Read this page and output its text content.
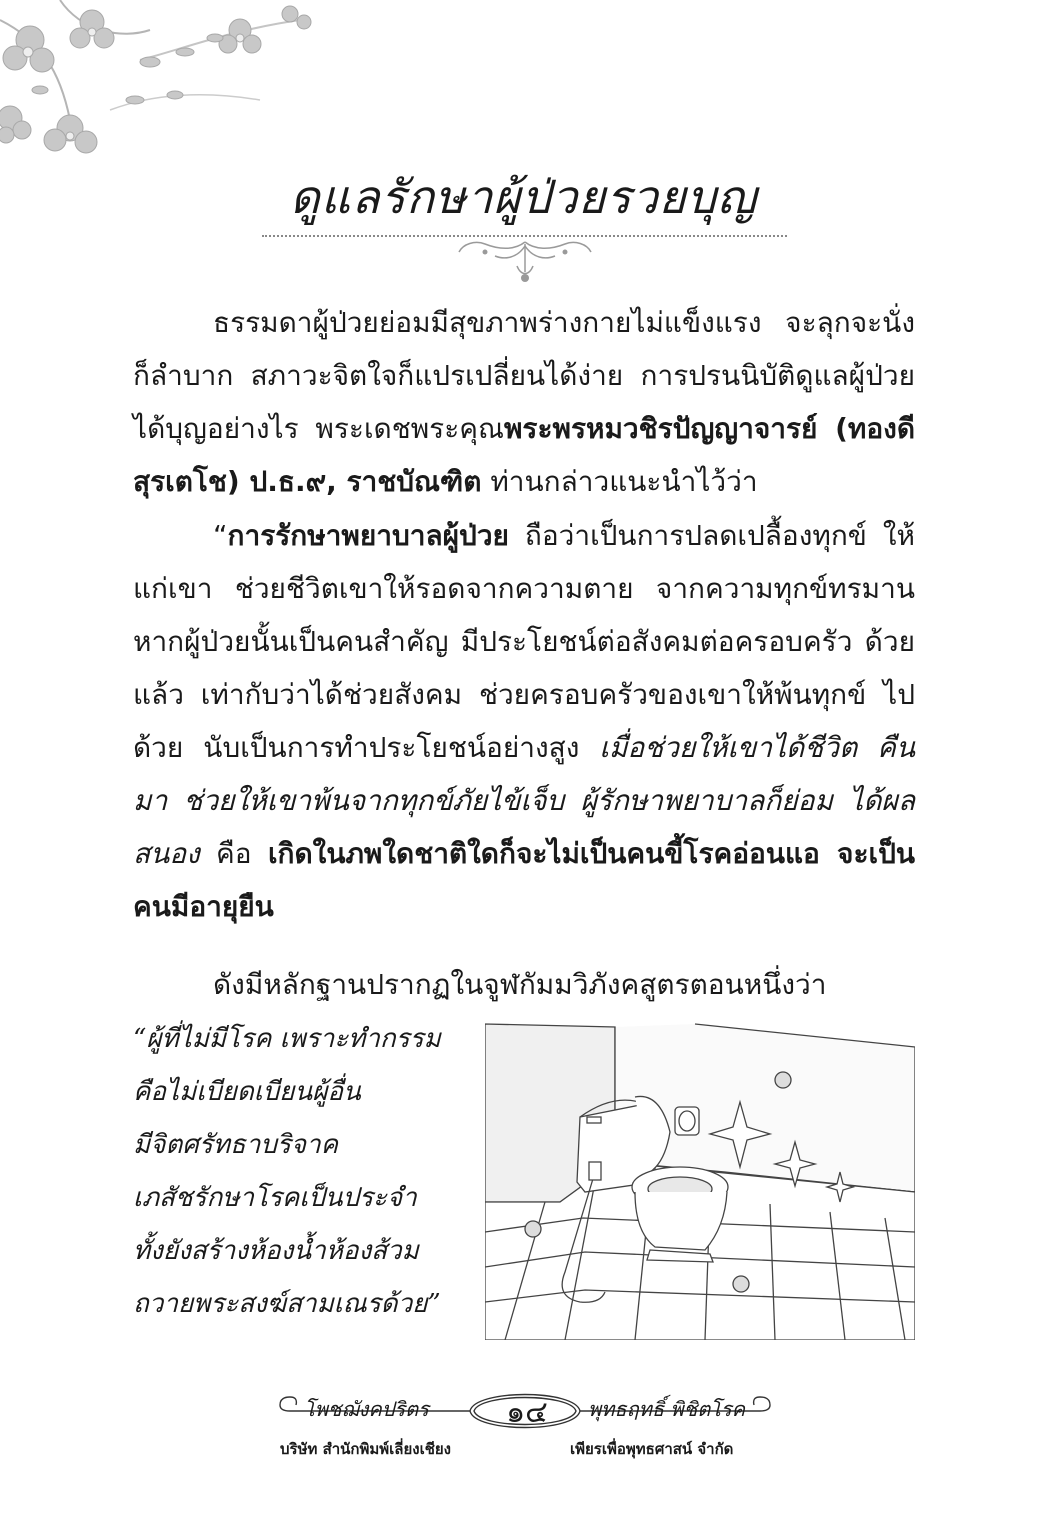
ดูแลรักษาผู้ป่วยรวยบุญ

ธรรมดาผู้ป่วยย่อมมีสุขภาพร่างกายไม่แข็งแรง จะลุกจะนั่ง ก็ลำบาก สภาวะจิตใจก็แปรเปลี่ยนได้ง่าย การปรนนิบัติดูแลผู้ป่วย ได้บุญอย่างไร พระเดชพระคุณพระพรหมวชิรปัญญาจารย์ (ทองดี สุรเตโช) ป.ธ.๙, ราชบัณฑิต ท่านกล่าวแนะนำไว้ว่า

“การรักษาพยาบาลผู้ป่วย ถือว่าเป็นการปลดเปลื้องทุกข์ ให้แก่เขา ช่วยชีวิตเขาให้รอดจากความตาย จากความทุกข์ทรมาน หากผู้ป่วยนั้นเป็นคนสำคัญ มีประโยชน์ต่อสังคมต่อครอบครัว ด้วยแล้ว เท่ากับว่าได้ช่วยสังคม ช่วยครอบครัวของเขาให้พ้นทุกข์ ไปด้วย นับเป็นการทำประโยชน์อย่างสูง เมื่อช่วยให้เขาได้ชีวิต คืนมา ช่วยให้เขาพ้นจากทุกข์ภัยไข้เจ็บ ผู้รักษาพยาบาลก็ย่อม ได้ผลสนอง คือ เกิดในภพใดชาติใดก็จะไม่เป็นคนขี้โรคอ่อนแอ จะเป็นคนมีอายุยืน

ดังมีหลักฐานปรากฏในจูฬกัมมวิภังคสูตรตอนหนึ่งว่า

“ผู้ที่ไม่มีโรค เพราะทำกรรม
คือไม่เบียดเบียนผู้อื่น
มีจิตศรัทธาบริจาค
เภสัชรักษาโรคเป็นประจำ
ทั้งยังสร้างห้องน้ำห้องส้วม
ถวายพระสงฆ์สามเณรด้วย”
โพชฌังคปริตร	๑๔	พุทธฤทธิ์ พิชิตโรค
บริษัท สำนักพิมพ์เลี่ยงเชียง	เพียรเพื่อพุทธศาสน์ จำกัด
